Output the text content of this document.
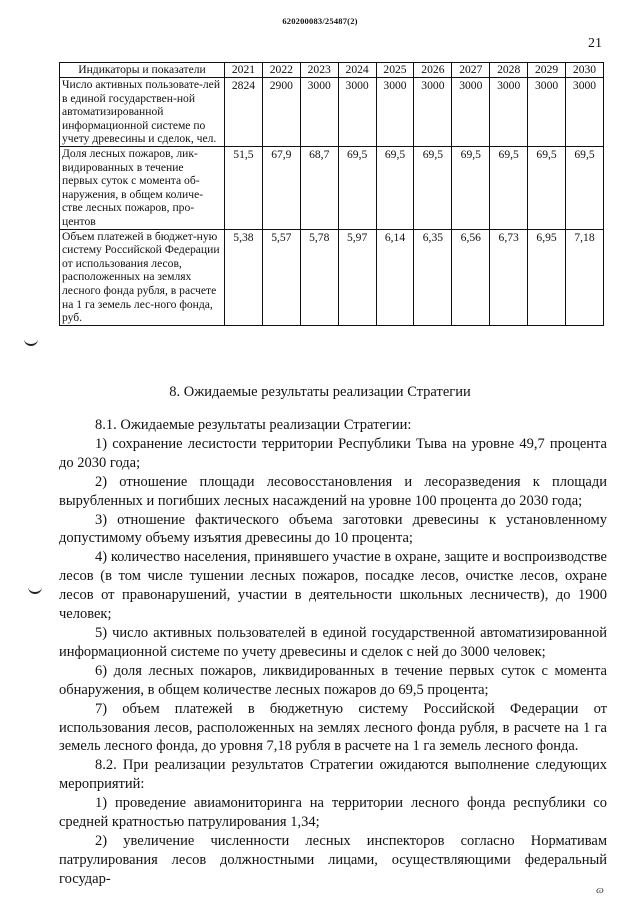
620200083/25487(2)
21
Индикаторы и показатели	2021	2022	2023	2024	2025	2026	2027	2028	2029	2030
Число активных пользовате-лей в единой государствен-ной автоматизированной информационной системе по учету древесины и сделок, чел.	2824	2900	3000	3000	3000	3000	3000	3000	3000	3000
Доля лесных пожаров, лик-видированных в течение первых суток с момента об-наружения, в общем количе-стве лесных пожаров, про-центов	51,5	67,9	68,7	69,5	69,5	69,5	69,5	69,5	69,5	69,5
Объем платежей в бюджет-ную систему Российской Федерации от использования лесов, расположенных на землях лесного фонда рубля, в расчете на 1 га земель лес-ного фонда, руб.	5,38	5,57	5,78	5,97	6,14	6,35	6,56	6,73	6,95	7,18
8. Ожидаемые результаты реализации Стратегии

8.1. Ожидаемые результаты реализации Стратегии:

1) сохранение лесистости территории Республики Тыва на уровне 49,7 процента до 2030 года;

2) отношение площади лесовосстановления и лесоразведения к площади вырубленных и погибших лесных насаждений на уровне 100 процента до 2030 года;

3) отношение фактического объема заготовки древесины к установленному допустимому объему изъятия древесины до 10 процента;

4) количество населения, принявшего участие в охране, защите и воспроизводстве лесов (в том числе тушении лесных пожаров, посадке лесов, очистке лесов, охране лесов от правонарушений, участии в деятельности школьных лесничеств), до 1900 человек;

5) число активных пользователей в единой государственной автоматизированной информационной системе по учету древесины и сделок с ней до 3000 человек;

6) доля лесных пожаров, ликвидированных в течение первых суток с момента обнаружения, в общем количестве лесных пожаров до 69,5 процента;

7) объем платежей в бюджетную систему Российской Федерации от использования лесов, расположенных на землях лесного фонда рубля, в расчете на 1 га земель лесного фонда, до уровня 7,18 рубля в расчете на 1 га земель лесного фонда.

8.2. При реализации результатов Стратегии ожидаются выполнение следующих мероприятий:

1) проведение авиамониторинга на территории лесного фонда республики со средней кратностью патрулирования 1,34;

2) увеличение численности лесных инспекторов согласно Нормативам патрулирования лесов должностными лицами, осуществляющими федеральный государ-

ɷ
